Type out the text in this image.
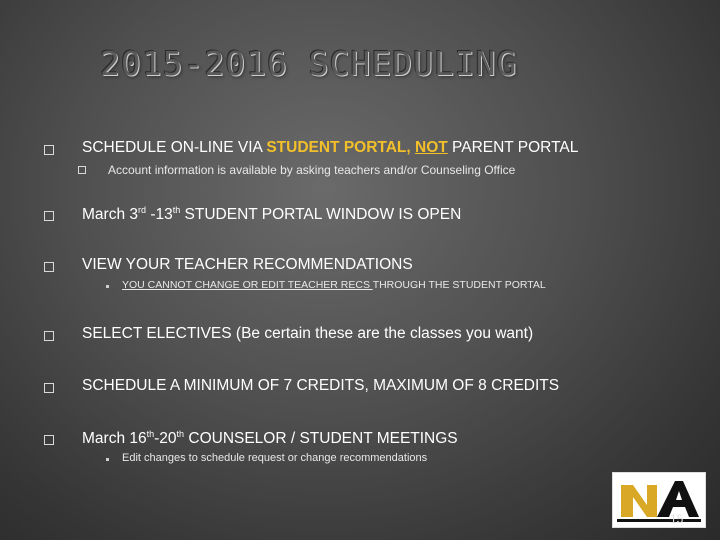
2015-2016 SCHEDULING
SCHEDULE ON-LINE VIA STUDENT PORTAL, NOT PARENT PORTAL
Account information is available by asking teachers and/or Counseling Office
March 3rd -13th STUDENT PORTAL WINDOW IS OPEN
VIEW YOUR TEACHER RECOMMENDATIONS
YOU CANNOT CHANGE OR EDIT TEACHER RECS THROUGH THE STUDENT PORTAL
SELECT ELECTIVES (Be certain these are the classes you want)
SCHEDULE A MINIMUM OF 7 CREDITS, MAXIMUM OF 8 CREDITS
March 16th-20th COUNSELOR / STUDENT MEETINGS
Edit changes to schedule request or change recommendations
15
